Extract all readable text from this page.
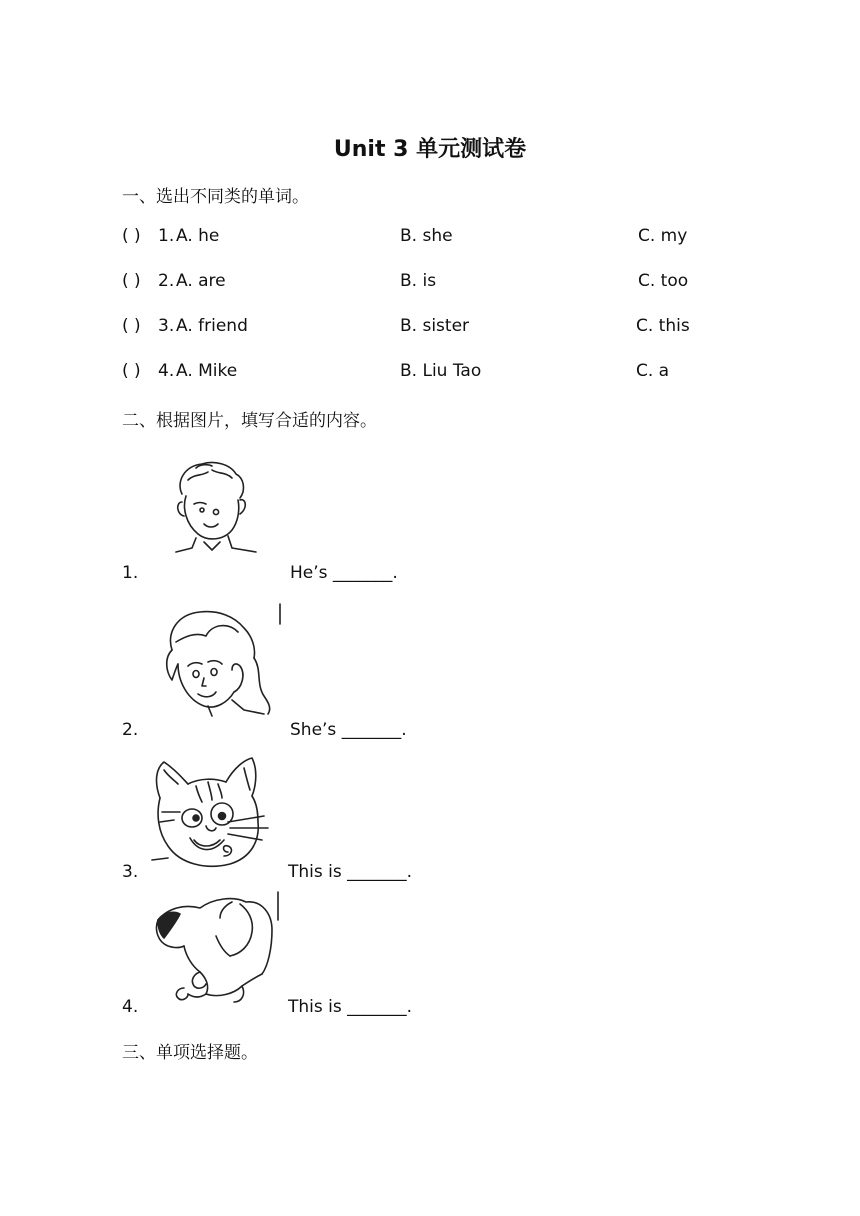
Unit 3 单元测试卷
一、选出不同类的单词。
( ) 1. A. he	B. she	C. my
( ) 2. A. are	B. is	C. too
( ) 3. A. friend	B. sister	C. this
( ) 4. A. Mike	B. Liu Tao	C. a
二、根据图片，填写合适的内容。
1.	He’s _______.
2.	She’s _______.
3.	This is _______.
4.	This is _______.
三、单项选择题。
